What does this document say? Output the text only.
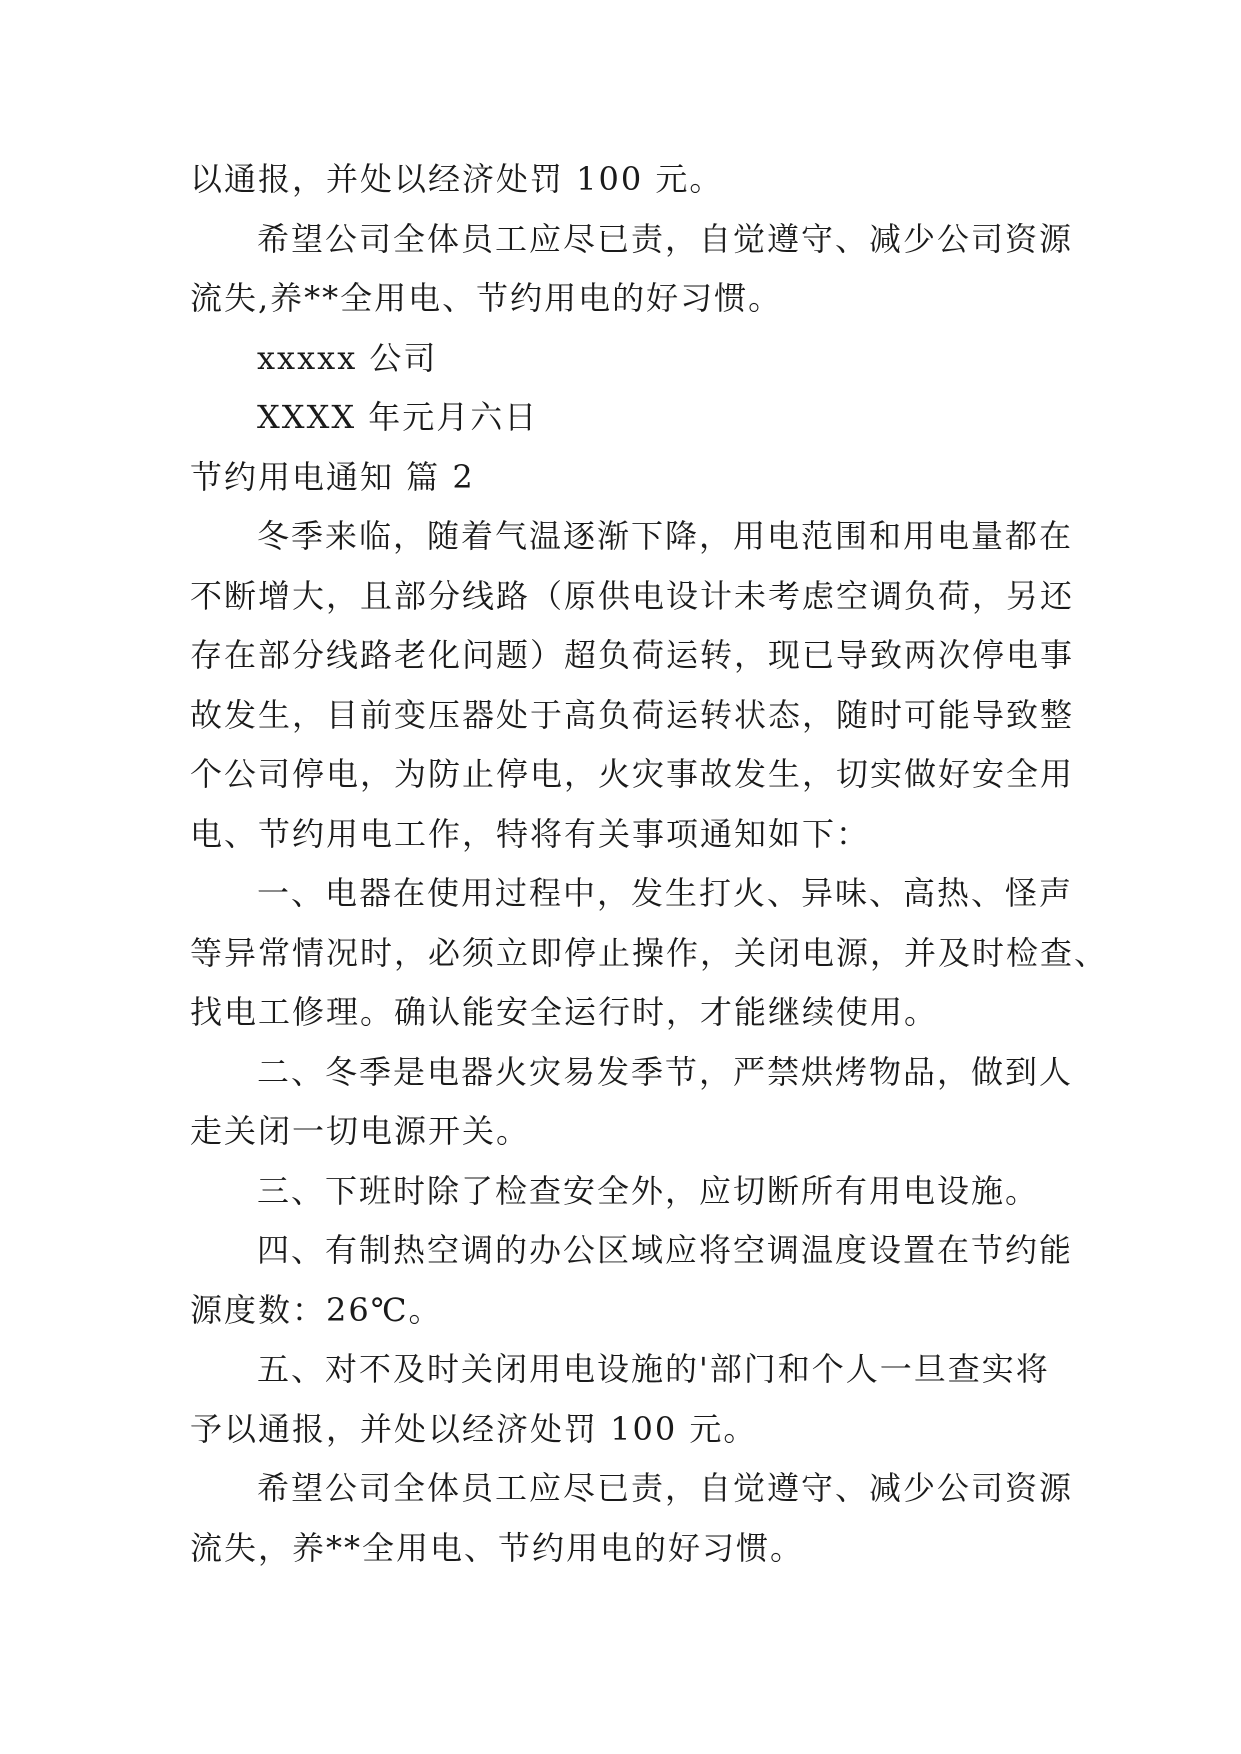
以通报，并处以经济处罚 100 元。
希望公司全体员工应尽已责，自觉遵守、减少公司资源
流失,养**全用电、节约用电的好习惯。
xxxxx 公司
XXXX 年元月六日
节约用电通知 篇 2
冬季来临，随着气温逐渐下降，用电范围和用电量都在
不断增大，且部分线路（原供电设计未考虑空调负荷，另还
存在部分线路老化问题）超负荷运转，现已导致两次停电事
故发生，目前变压器处于高负荷运转状态，随时可能导致整
个公司停电，为防止停电，火灾事故发生，切实做好安全用
电、节约用电工作，特将有关事项通知如下：
一、电器在使用过程中，发生打火、异味、高热、怪声
等异常情况时，必须立即停止操作，关闭电源，并及时检查、
找电工修理。确认能安全运行时，才能继续使用。
二、冬季是电器火灾易发季节，严禁烘烤物品，做到人
走关闭一切电源开关。
三、下班时除了检查安全外，应切断所有用电设施。
四、有制热空调的办公区域应将空调温度设置在节约能
源度数：26℃。
五、对不及时关闭用电设施的'部门和个人一旦查实将
予以通报，并处以经济处罚 100 元。
希望公司全体员工应尽已责，自觉遵守、减少公司资源
流失，养**全用电、节约用电的好习惯。
